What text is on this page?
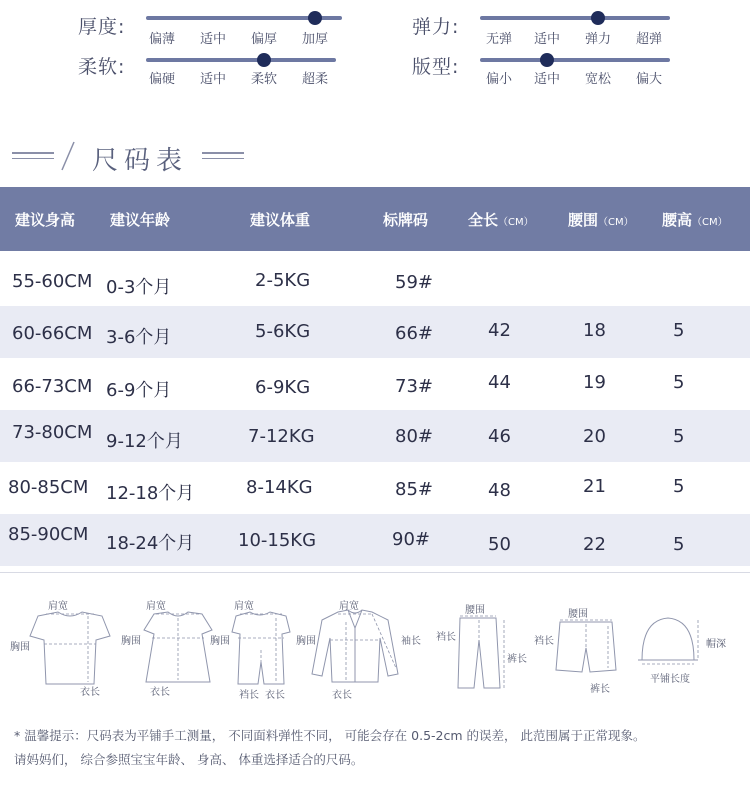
厚度:
偏薄	适中	偏厚	加厚
柔软:
偏硬	适中	柔软	超柔
弹力:
无弹	适中	弹力	超弹
版型:
偏小	适中	宽松	偏大
尺码表
建议身高 建议年龄	建议体重	标牌码	全长（CM） 腰围（CM） 腰高（CM）
55-60CM 0-3个月	2-5KG	59#
60-66CM 3-6个月	5-6KG	66#	42	18	5
66-73CM 6-9个月	6-9KG	73#	44	19	5
73-80CM 9-12个月	7-12KG	80#	46	20	5
80-85CM 12-18个月	8-14KG	85#	48	21	5
85-90CM 18-24个月 10-15KG	90#	50	22	5
肩宽
胸围
衣长
肩宽
胸围
衣长
肩宽
胸围
裆长 衣长
肩宽
胸围	袖长
衣长
腰围
裆长
裤长
腰围
裆长
裤长
帽深
平铺长度
* 温馨提示：尺码表为平铺手工测量， 不同面料弹性不同， 可能会存在 0.5-2cm 的误差， 此范围属于正常现象。
请妈妈们， 综合参照宝宝年龄、 身高、 体重选择适合的尺码。
